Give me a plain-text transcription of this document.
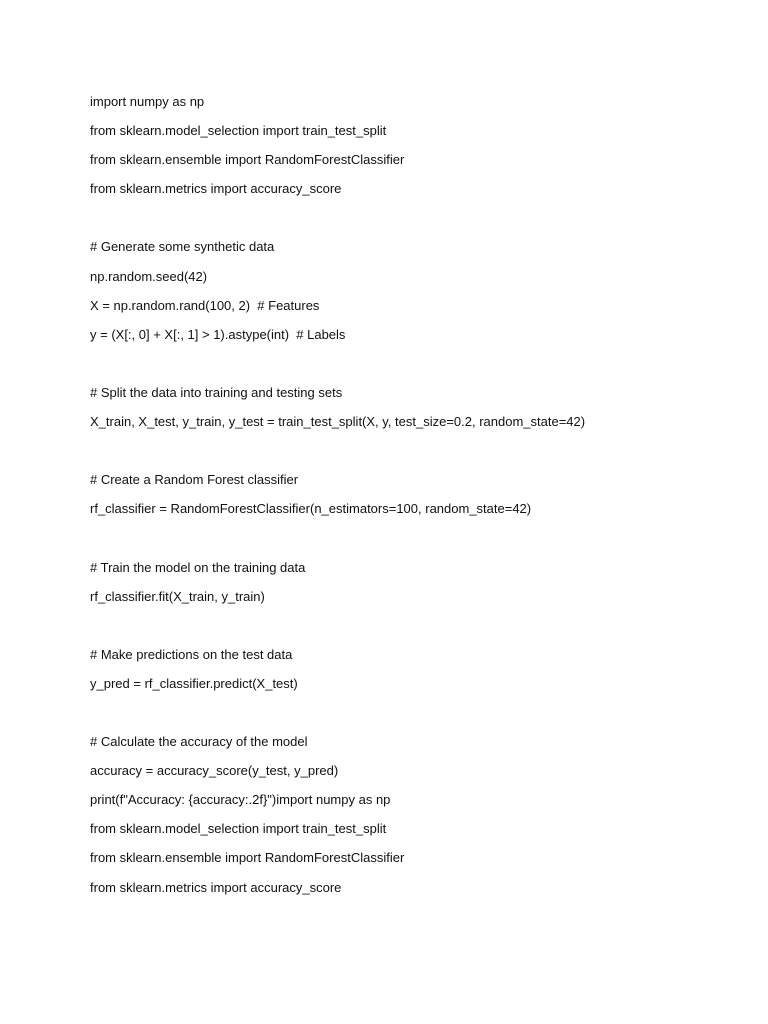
import numpy as np
from sklearn.model_selection import train_test_split
from sklearn.ensemble import RandomForestClassifier
from sklearn.metrics import accuracy_score
# Generate some synthetic data
np.random.seed(42)
X = np.random.rand(100, 2)  # Features
y = (X[:, 0] + X[:, 1] > 1).astype(int)  # Labels
# Split the data into training and testing sets
X_train, X_test, y_train, y_test = train_test_split(X, y, test_size=0.2, random_state=42)
# Create a Random Forest classifier
rf_classifier = RandomForestClassifier(n_estimators=100, random_state=42)
# Train the model on the training data
rf_classifier.fit(X_train, y_train)
# Make predictions on the test data
y_pred = rf_classifier.predict(X_test)
# Calculate the accuracy of the model
accuracy = accuracy_score(y_test, y_pred)
print(f"Accuracy: {accuracy:.2f}")import numpy as np
from sklearn.model_selection import train_test_split
from sklearn.ensemble import RandomForestClassifier
from sklearn.metrics import accuracy_score
